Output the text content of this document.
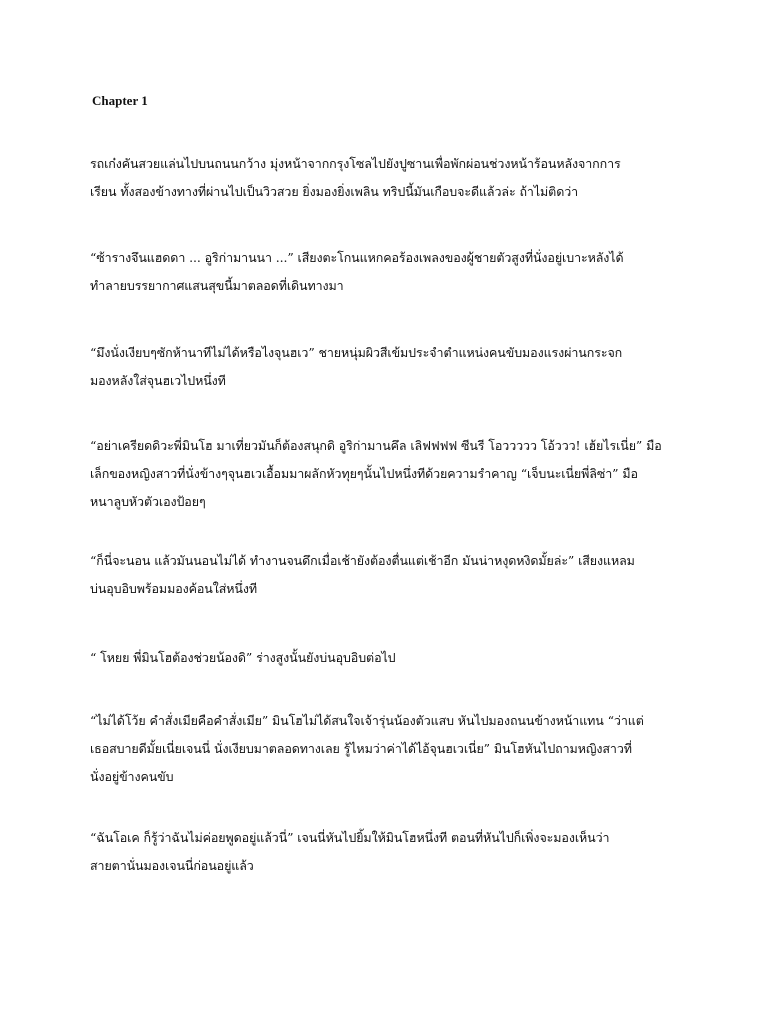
Chapter 1

รถเก๋งคันสวยแล่นไปบนถนนกว้าง มุ่งหน้าจากกรุงโซลไปยังปูซานเพื่อพักผ่อนช่วงหน้าร้อนหลังจากการ
เรียน ทั้งสองข้างทางที่ผ่านไปเป็นวิวสวย ยิ่งมองยิ่งเพลิน ทริปนี้มันเกือบจะดีแล้วล่ะ ถ้าไม่ติดว่า

“ซ้ารางจึนแฮดดา ... อูริก่ามานนา ...” เสียงตะโกนแหกคอร้องเพลงของผู้ชายตัวสูงที่นั่งอยู่เบาะหลังได้
ทำลายบรรยากาศแสนสุขนี้มาตลอดที่เดินทางมา

“มึงนั่งเงียบๆซักห้านาทีไม่ได้หรือไงจุนฮเว” ชายหนุ่มผิวสีเข้มประจำตำแหน่งคนขับมองแรงผ่านกระจก
มองหลังใส่จุนฮเวไปหนึ่งที

“อย่าเครียดดิวะพี่มินโฮ มาเที่ยวมันก็ต้องสนุกดิ อูริก่ามานคึล เลิฟฟฟฟ ซีนรี โอววววว โอ้ววว! เฮ้ยไรเนี่ย” มือ
เล็กของหญิงสาวที่นั่งข้างๆจุนฮเวเอื้อมมาผลักหัวทุยๆนั้นไปหนึ่งทีด้วยความรำคาญ “เจ็บนะเนี่ยพี่ลิซ่า” มือ
หนาลูบหัวตัวเองป้อยๆ

“ก็นี่จะนอน แล้วมันนอนไม่ได้ ทำงานจนดึกเมื่อเช้ายังต้องตื่นแต่เช้าอีก มันน่าหงุดหงิดมั้ยล่ะ” เสียงแหลม
บ่นอุบอิบพร้อมมองค้อนใส่หนึ่งที

“ โหยย พี่มินโฮต้องช่วยน้องดิ” ร่างสูงนั้นยังบ่นอุบอิบต่อไป

“ไม่ได้โว้ย คำสั่งเมียคือคำสั่งเมีย” มินโฮไม่ได้สนใจเจ้ารุ่นน้องตัวแสบ หันไปมองถนนข้างหน้าแทน “ว่าแต่
เธอสบายดีมั้ยเนี่ยเจนนี่ นั่งเงียบมาตลอดทางเลย รู้ไหมว่าค่าได้ไอ้จุนฮเวเนี่ย” มินโฮหันไปถามหญิงสาวที่
นั่งอยู่ข้างคนขับ

“ฉันโอเค ก็รู้ว่าฉันไม่ค่อยพูดอยู่แล้วนี่” เจนนี่หันไปยิ้มให้มินโฮหนึ่งที ตอนที่หันไปก็เพิ่งจะมองเห็นว่า
สายตานั่นมองเจนนี่ก่อนอยู่แล้ว
